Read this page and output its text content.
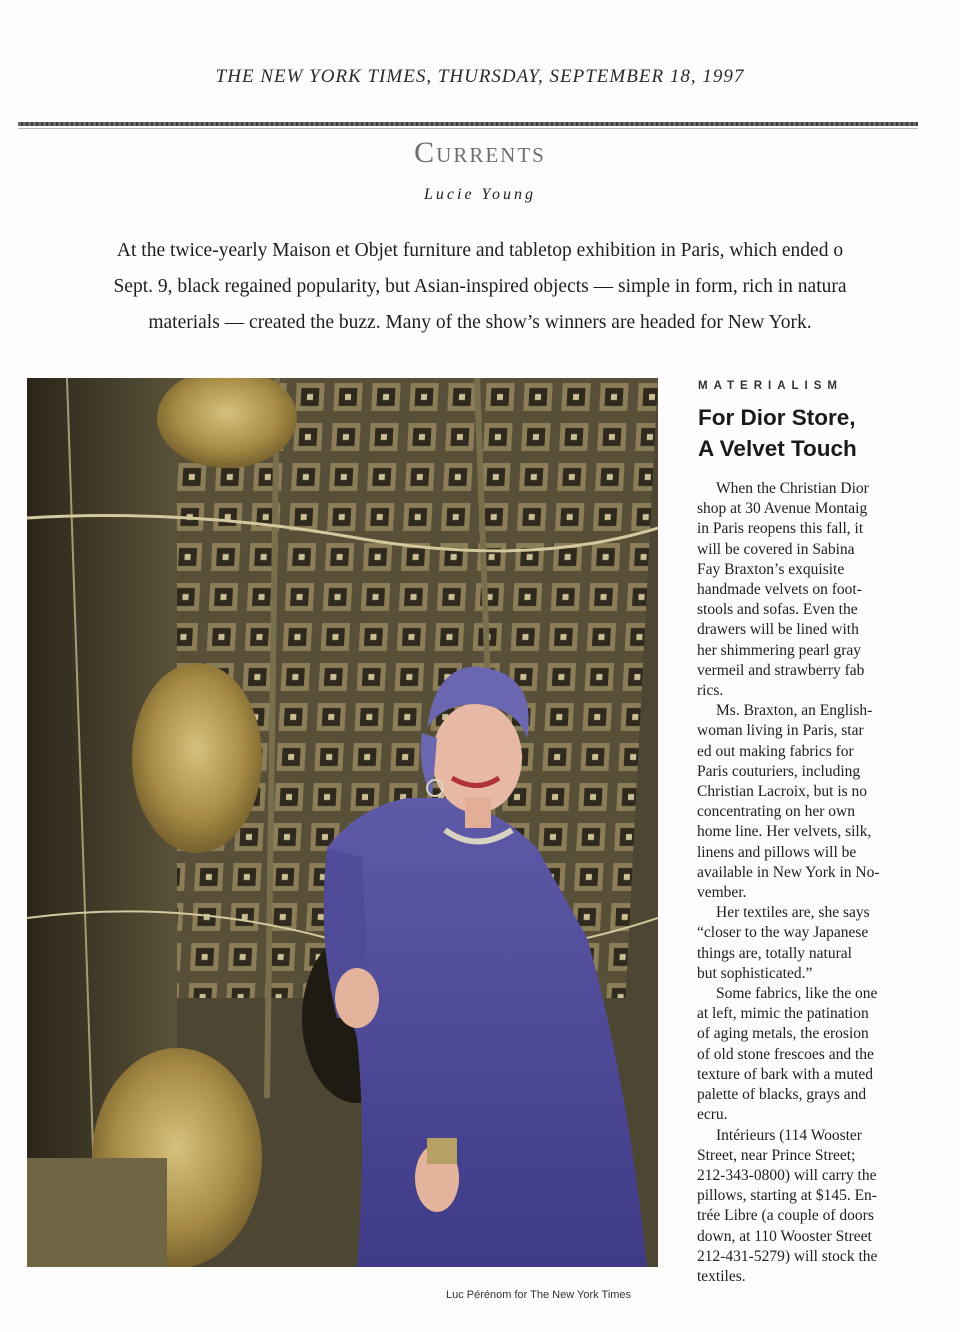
THE NEW YORK TIMES, THURSDAY, SEPTEMBER 18, 1997
Currents
Lucie Young
At the twice-yearly Maison et Objet furniture and tabletop exhibition in Paris, which ended o
Sept. 9, black regained popularity, but Asian-inspired objects — simple in form, rich in natura
materials — created the buzz. Many of the show’s winners are headed for New York.
Luc Pérénom for The New York Times
MATERIALISM
For Dior Store,
A Velvet Touch
When the Christian Dior
shop at 30 Avenue Montaig
in Paris reopens this fall, it
will be covered in Sabina
Fay Braxton’s exquisite
handmade velvets on foot-
stools and sofas. Even the
drawers will be lined with
her shimmering pearl gray
vermeil and strawberry fab
rics.
Ms. Braxton, an English-
woman living in Paris, star
ed out making fabrics for
Paris couturiers, including
Christian Lacroix, but is no
concentrating on her own
home line. Her velvets, silk,
linens and pillows will be
available in New York in No-
vember.
Her textiles are, she says
“closer to the way Japanese
things are, totally natural
but sophisticated.”
Some fabrics, like the one
at left, mimic the patination
of aging metals, the erosion
of old stone frescoes and the
texture of bark with a muted
palette of blacks, grays and
ecru.
Intérieurs (114 Wooster
Street, near Prince Street;
212-343-0800) will carry the
pillows, starting at $145. En-
trée Libre (a couple of doors
down, at 110 Wooster Street
212-431-5279) will stock the
textiles.
